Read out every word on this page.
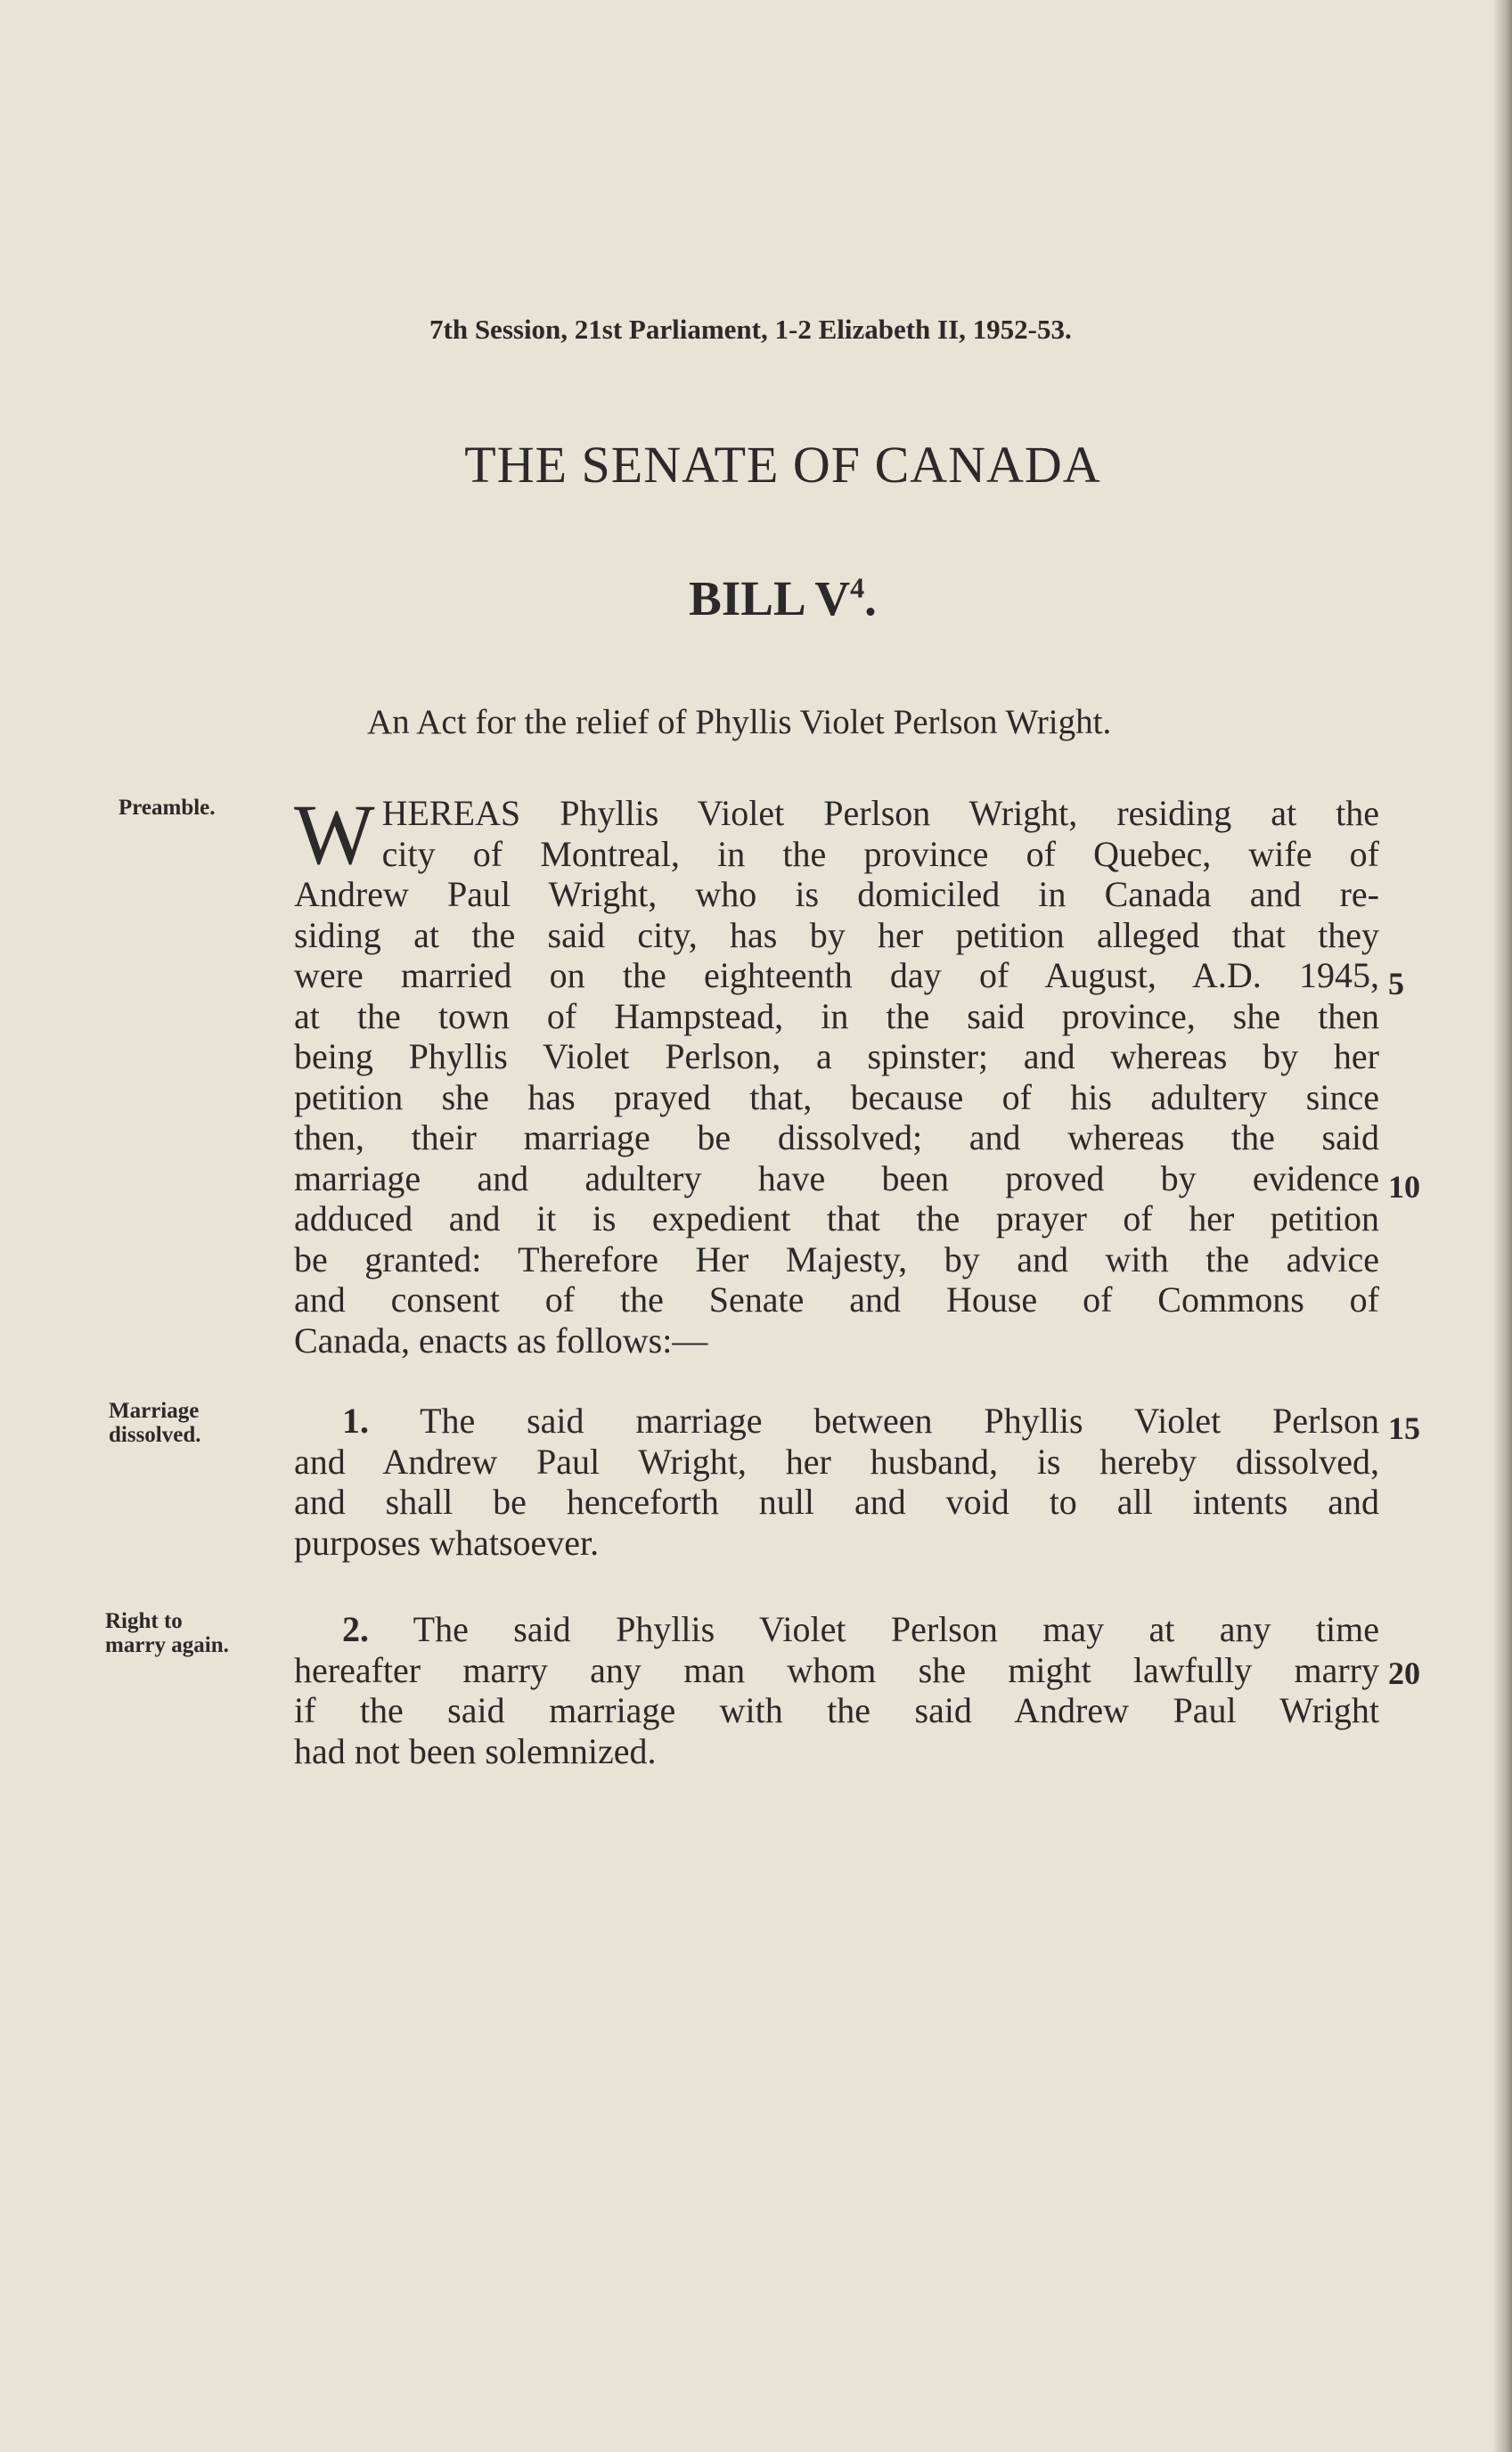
7th Session, 21st Parliament, 1-2 Elizabeth II, 1952-53.
THE SENATE OF CANADA
BILL $V^4$.
An Act for the relief of Phyllis Violet Perlson Wright.
Preamble.
Marriage
dissolved.
Right to
marry again.
W HEREAS Phyllis Violet Perlson Wright, residing at the
city of Montreal, in the province of Quebec, wife of
Andrew Paul Wright, who is domiciled in Canada and re-
siding at the said city, has by her petition alleged that they
were married on the eighteenth day of August, A.D. 1945,
at the town of Hampstead, in the said province, she then
being Phyllis Violet Perlson, a spinster; and whereas by her
petition she has prayed that, because of his adultery since
then, their marriage be dissolved; and whereas the said
marriage and adultery have been proved by evidence
adduced and it is expedient that the prayer of her petition
be granted: Therefore Her Majesty, by and with the advice
and consent of the Senate and House of Commons of
Canada, enacts as follows:—
1. The said marriage between Phyllis Violet Perlson
and Andrew Paul Wright, her husband, is hereby dissolved,
and shall be henceforth null and void to all intents and
purposes whatsoever.
2. The said Phyllis Violet Perlson may at any time
hereafter marry any man whom she might lawfully marry
if the said marriage with the said Andrew Paul Wright
had not been solemnized.
5
10
15
20
